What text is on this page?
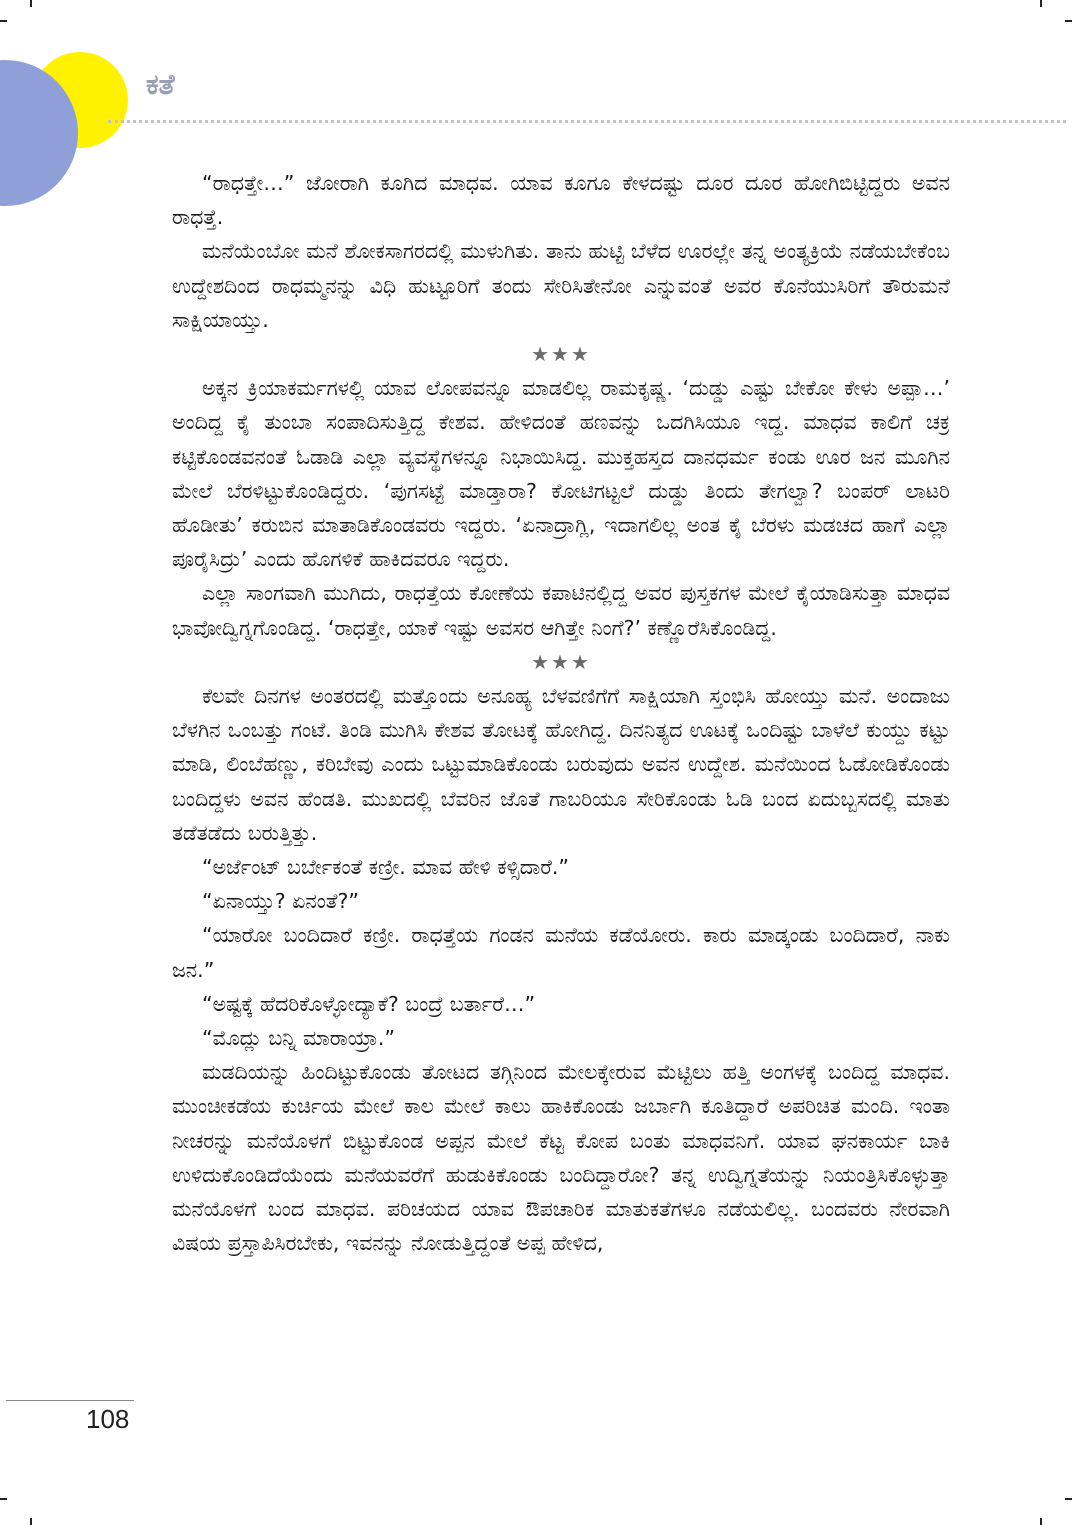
ಕತೆ

“ರಾಧತ್ತೇ…” ಜೋರಾಗಿ ಕೂಗಿದ ಮಾಧವ. ಯಾವ ಕೂಗೂ ಕೇಳದಷ್ಟು ದೂರ ದೂರ ಹೋಗಿಬಿಟ್ಟಿದ್ದರು ಅವನ ರಾಧತ್ತೆ.

ಮನೆಯೆಂಬೋ ಮನೆ ಶೋಕಸಾಗರದಲ್ಲಿ ಮುಳುಗಿತು. ತಾನು ಹುಟ್ಟಿ ಬೆಳೆದ ಊರಲ್ಲೇ ತನ್ನ ಅಂತ್ಯಕ್ರಿಯೆ ನಡೆಯಬೇಕೆಂಬ ಉದ್ದೇಶದಿಂದ ರಾಧಮ್ಮನನ್ನು ವಿಧಿ ಹುಟ್ಟೂರಿಗೆ ತಂದು ಸೇರಿಸಿತೇನೋ ಎನ್ನುವಂತೆ ಅವರ ಕೊನೆಯುಸಿರಿಗೆ ತೌರುಮನೆ ಸಾಕ್ಷಿಯಾಯ್ತು.

★★★

ಅಕ್ಕನ ಕ್ರಿಯಾಕರ್ಮಗಳಲ್ಲಿ ಯಾವ ಲೋಪವನ್ನೂ ಮಾಡಲಿಲ್ಲ ರಾಮಕೃಷ್ಣ. ‘ದುಡ್ಡು ಎಷ್ಟು ಬೇಕೋ ಕೇಳು ಅಪ್ಪಾ…’ ಅಂದಿದ್ದ ಕೈ ತುಂಬಾ ಸಂಪಾದಿಸುತ್ತಿದ್ದ ಕೇಶವ. ಹೇಳಿದಂತೆ ಹಣವನ್ನು ಒದಗಿಸಿಯೂ ಇದ್ದ. ಮಾಧವ ಕಾಲಿಗೆ ಚಕ್ರ ಕಟ್ಟಿಕೊಂಡವನಂತೆ ಓಡಾಡಿ ಎಲ್ಲಾ ವ್ಯವಸ್ಥೆಗಳನ್ನೂ ನಿಭಾಯಿಸಿದ್ದ. ಮುಕ್ತಹಸ್ತದ ದಾನಧರ್ಮ ಕಂಡು ಊರ ಜನ ಮೂಗಿನ ಮೇಲೆ ಬೆರಳಿಟ್ಟುಕೊಂಡಿದ್ದರು. ‘ಪುಗಸಟ್ಟೆ ಮಾಡ್ತಾರಾ? ಕೋಟಿಗಟ್ಟಲೆ ದುಡ್ಡು ತಿಂದು ತೇಗಲ್ವಾ? ಬಂಪರ್ ಲಾಟರಿ ಹೊಡೀತು’ ಕರುಬಿನ ಮಾತಾಡಿಕೊಂಡವರು ಇದ್ದರು. ‘ಏನಾದ್ರಾಗ್ಲಿ, ಇದಾಗಲಿಲ್ಲ ಅಂತ ಕೈ ಬೆರಳು ಮಡಚದ ಹಾಗೆ ಎಲ್ಲಾ ಪೂರೈಸಿದ್ರು’ ಎಂದು ಹೊಗಳಿಕೆ ಹಾಕಿದವರೂ ಇದ್ದರು.

ಎಲ್ಲಾ ಸಾಂಗವಾಗಿ ಮುಗಿದು, ರಾಧತ್ತೆಯ ಕೋಣೆಯ ಕಪಾಟಿನಲ್ಲಿದ್ದ ಅವರ ಪುಸ್ತಕಗಳ ಮೇಲೆ ಕೈಯಾಡಿಸುತ್ತಾ ಮಾಧವ ಭಾವೋದ್ವಿಗ್ನಗೊಂಡಿದ್ದ. ‘ರಾಧತ್ತೇ, ಯಾಕೆ ಇಷ್ಟು ಅವಸರ ಆಗಿತ್ತೇ ನಿಂಗೆ?’ ಕಣ್ಣೊರೆಸಿಕೊಂಡಿದ್ದ.

★★★

ಕೆಲವೇ ದಿನಗಳ ಅಂತರದಲ್ಲಿ ಮತ್ತೊಂದು ಅನೂಹ್ಯ ಬೆಳವಣಿಗೆಗೆ ಸಾಕ್ಷಿಯಾಗಿ ಸ್ತಂಭಿಸಿ ಹೋಯ್ತು ಮನೆ. ಅಂದಾಜು ಬೆಳಗಿನ ಒಂಬತ್ತು ಗಂಟೆ. ತಿಂಡಿ ಮುಗಿಸಿ ಕೇಶವ ತೋಟಕ್ಕೆ ಹೋಗಿದ್ದ. ದಿನನಿತ್ಯದ ಊಟಕ್ಕೆ ಒಂದಿಷ್ಟು ಬಾಳೆಲೆ ಕುಯ್ದು ಕಟ್ಟು ಮಾಡಿ, ಲಿಂಬೆಹಣ್ಣು, ಕರಿಬೇವು ಎಂದು ಒಟ್ಟುಮಾಡಿಕೊಂಡು ಬರುವುದು ಅವನ ಉದ್ದೇಶ. ಮನೆಯಿಂದ ಓಡೋಡಿಕೊಂಡು ಬಂದಿದ್ದಳು ಅವನ ಹೆಂಡತಿ. ಮುಖದಲ್ಲಿ ಬೆವರಿನ ಜೊತೆ ಗಾಬರಿಯೂ ಸೇರಿಕೊಂಡು ಓಡಿ ಬಂದ ಏದುಬ್ಬಸದಲ್ಲಿ ಮಾತು ತಡೆತಡೆದು ಬರುತ್ತಿತ್ತು.

“ಅರ್ಜೆಂಟ್ ಬರ್ಬೇಕಂತೆ ಕಣ್ರೀ. ಮಾವ ಹೇಳಿ ಕಳ್ಸಿದಾರೆ.”

“ಏನಾಯ್ತು? ಏನಂತೆ?”

“ಯಾರೋ ಬಂದಿದಾರೆ ಕಣ್ರೀ. ರಾಧತ್ತೆಯ ಗಂಡನ ಮನೆಯ ಕಡೆಯೋರು. ಕಾರು ಮಾಡ್ಕಂಡು ಬಂದಿದಾರೆ, ನಾಕು ಜನ.”

“ಅಷ್ಟಕ್ಕೆ ಹೆದರಿಕೊಳ್ಳೋದ್ಯಾಕೆ? ಬಂದ್ರೆ ಬರ್ತಾರೆ…”

“ಮೊದ್ಲು ಬನ್ನಿ ಮಾರಾಯ್ರಾ.”

ಮಡದಿಯನ್ನು ಹಿಂದಿಟ್ಟುಕೊಂಡು ತೋಟದ ತಗ್ಗಿನಿಂದ ಮೇಲಕ್ಕೇರುವ ಮೆಟ್ಟಿಲು ಹತ್ತಿ ಅಂಗಳಕ್ಕೆ ಬಂದಿದ್ದ ಮಾಧವ. ಮುಂಚೀಕಡೆಯ ಕುರ್ಚಿಯ ಮೇಲೆ ಕಾಲ ಮೇಲೆ ಕಾಲು ಹಾಕಿಕೊಂಡು ಜರ್ಬಾಗಿ ಕೂತಿದ್ದಾರೆ ಅಪರಿಚಿತ ಮಂದಿ. ಇಂತಾ ನೀಚರನ್ನು ಮನೆಯೊಳಗೆ ಬಿಟ್ಟುಕೊಂಡ ಅಪ್ಪನ ಮೇಲೆ ಕೆಟ್ಟ ಕೋಪ ಬಂತು ಮಾಧವನಿಗೆ. ಯಾವ ಘನಕಾರ್ಯ ಬಾಕಿ ಉಳಿದುಕೊಂಡಿದೆಯೆಂದು ಮನೆಯವರೆಗೆ ಹುಡುಕಿಕೊಂಡು ಬಂದಿದ್ದಾರೋ? ತನ್ನ ಉದ್ವಿಗ್ನತೆಯನ್ನು ನಿಯಂತ್ರಿಸಿಕೊಳ್ಳುತ್ತಾ ಮನೆಯೊಳಗೆ ಬಂದ ಮಾಧವ. ಪರಿಚಯದ ಯಾವ ಔಪಚಾರಿಕ ಮಾತುಕತೆಗಳೂ ನಡೆಯಲಿಲ್ಲ. ಬಂದವರು ನೇರವಾಗಿ ವಿಷಯ ಪ್ರಸ್ತಾಪಿಸಿರಬೇಕು, ಇವನನ್ನು ನೋಡುತ್ತಿದ್ದಂತೆ ಅಪ್ಪ ಹೇಳಿದ,

108
